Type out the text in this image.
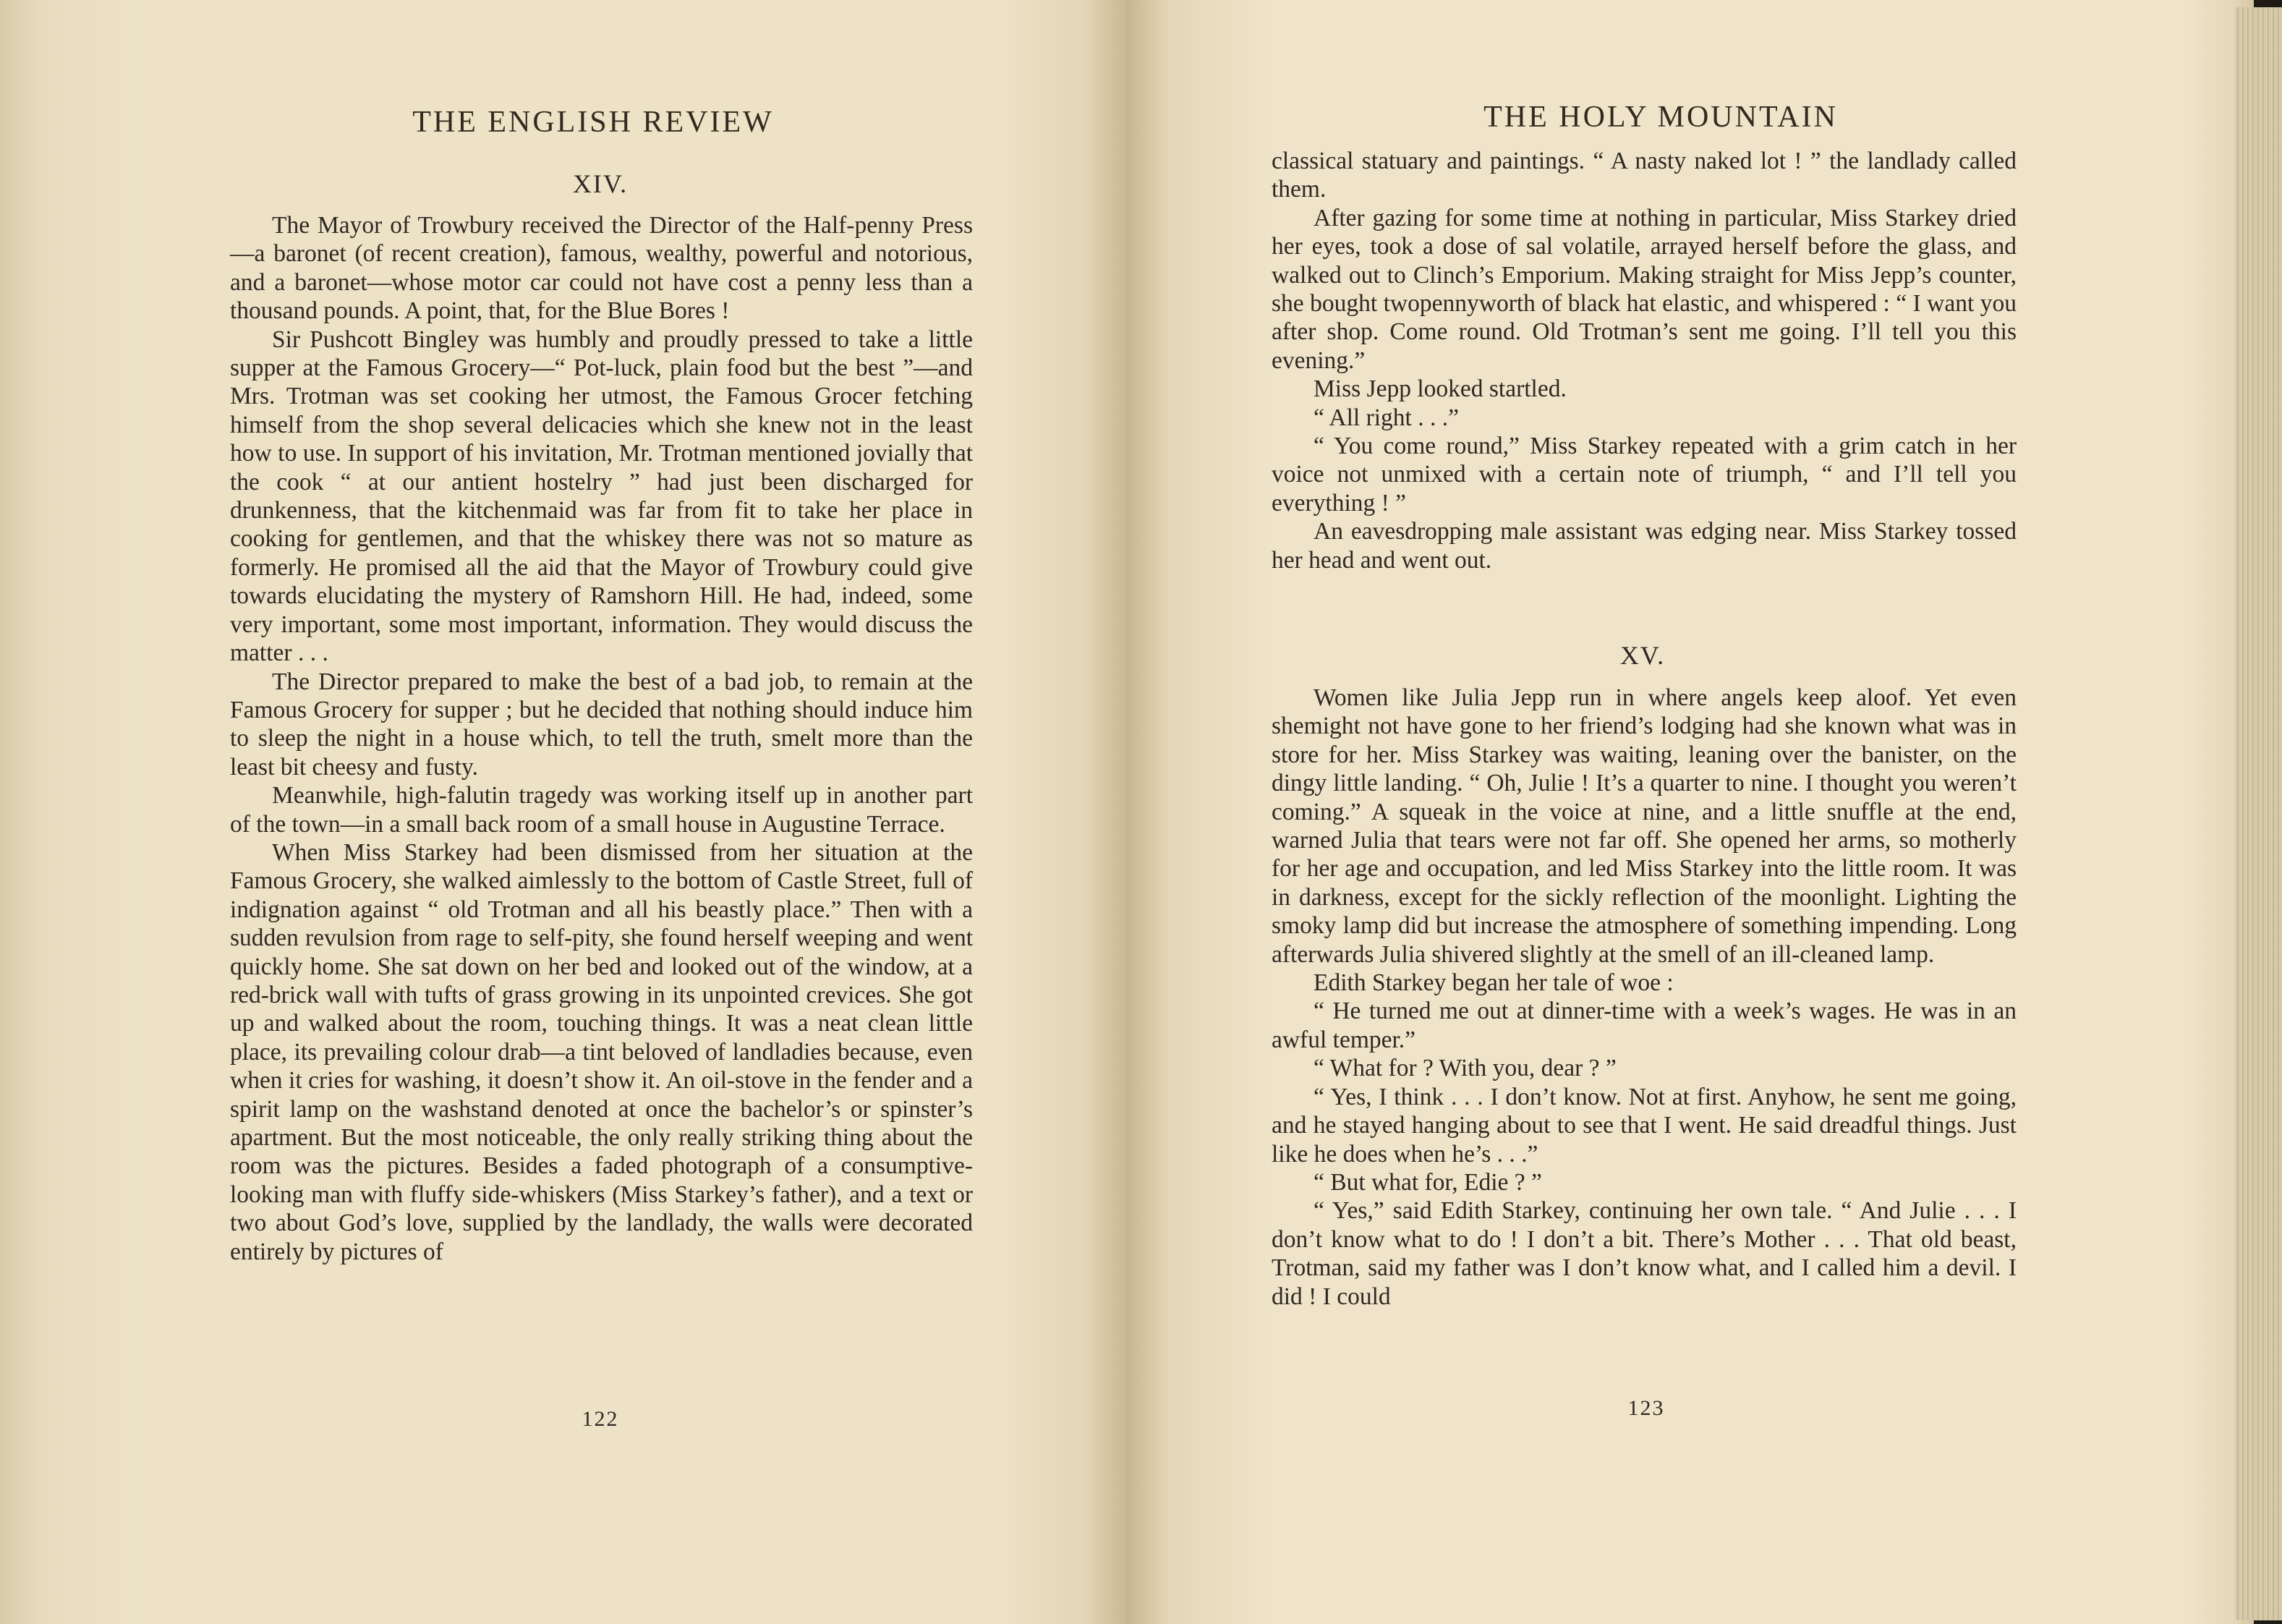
THE ENGLISH REVIEW
XIV.

The Mayor of Trowbury received the Director of the Half-penny Press—a baronet (of recent creation), famous, wealthy, powerful and notorious, and a baronet—whose motor car could not have cost a penny less than a thousand pounds. A point, that, for the Blue Bores !

Sir Pushcott Bingley was humbly and proudly pressed to take a little supper at the Famous Grocery—“ Pot-luck, plain food but the best ”—and Mrs. Trotman was set cooking her utmost, the Famous Grocer fetching himself from the shop several delicacies which she knew not in the least how to use. In support of his invitation, Mr. Trotman mentioned jovially that the cook “ at our antient hostelry ” had just been discharged for drunkenness, that the kitchenmaid was far from fit to take her place in cooking for gentlemen, and that the whiskey there was not so mature as formerly. He promised all the aid that the Mayor of Trowbury could give towards elucidating the mystery of Ramshorn Hill. He had, indeed, some very important, some most important, information. They would discuss the matter . . .

The Director prepared to make the best of a bad job, to remain at the Famous Grocery for supper ; but he decided that nothing should induce him to sleep the night in a house which, to tell the truth, smelt more than the least bit cheesy and fusty.

Meanwhile, high-falutin tragedy was working itself up in another part of the town—in a small back room of a small house in Augustine Terrace.

When Miss Starkey had been dismissed from her situation at the Famous Grocery, she walked aimlessly to the bottom of Castle Street, full of indignation against “ old Trotman and all his beastly place.” Then with a sudden revulsion from rage to self-pity, she found herself weeping and went quickly home. She sat down on her bed and looked out of the window, at a red-brick wall with tufts of grass growing in its unpointed crevices. She got up and walked about the room, touching things. It was a neat clean little place, its prevailing colour drab—a tint beloved of landladies because, even when it cries for washing, it doesn’t show it. An oil-stove in the fender and a spirit lamp on the washstand denoted at once the bachelor’s or spinster’s apartment. But the most noticeable, the only really striking thing about the room was the pictures. Besides a faded photograph of a consumptive-looking man with fluffy side-whiskers (Miss Starkey’s father), and a text or two about God’s love, supplied by the landlady, the walls were decorated entirely by pictures of

122
THE HOLY MOUNTAIN

classical statuary and paintings. “ A nasty naked lot ! ” the landlady called them.

After gazing for some time at nothing in particular, Miss Starkey dried her eyes, took a dose of sal volatile, arrayed herself before the glass, and walked out to Clinch’s Emporium. Making straight for Miss Jepp’s counter, she bought twopennyworth of black hat elastic, and whispered : “ I want you after shop. Come round. Old Trotman’s sent me going. I’ll tell you this evening.”

Miss Jepp looked startled.

“ All right . . .”

“ You come round,” Miss Starkey repeated with a grim catch in her voice not unmixed with a certain note of triumph, “ and I’ll tell you everything ! ”

An eavesdropping male assistant was edging near. Miss Starkey tossed her head and went out.

XV.

Women like Julia Jepp run in where angels keep aloof. Yet even shemight not have gone to her friend’s lodging had she known what was in store for her. Miss Starkey was waiting, leaning over the banister, on the dingy little landing. “ Oh, Julie ! It’s a quarter to nine. I thought you weren’t coming.” A squeak in the voice at nine, and a little snuffle at the end, warned Julia that tears were not far off. She opened her arms, so motherly for her age and occupation, and led Miss Starkey into the little room. It was in darkness, except for the sickly reflection of the moonlight. Lighting the smoky lamp did but increase the atmosphere of something impending. Long afterwards Julia shivered slightly at the smell of an ill-cleaned lamp.

Edith Starkey began her tale of woe :

“ He turned me out at dinner-time with a week’s wages. He was in an awful temper.”

“ What for ? With you, dear ? ”

“ Yes, I think . . . I don’t know. Not at first. Anyhow, he sent me going, and he stayed hanging about to see that I went. He said dreadful things. Just like he does when he’s . . .”

“ But what for, Edie ? ”

“ Yes,” said Edith Starkey, continuing her own tale. “ And Julie . . . I don’t know what to do ! I don’t a bit. There’s Mother . . . That old beast, Trotman, said my father was I don’t know what, and I called him a devil. I did ! I could

123
